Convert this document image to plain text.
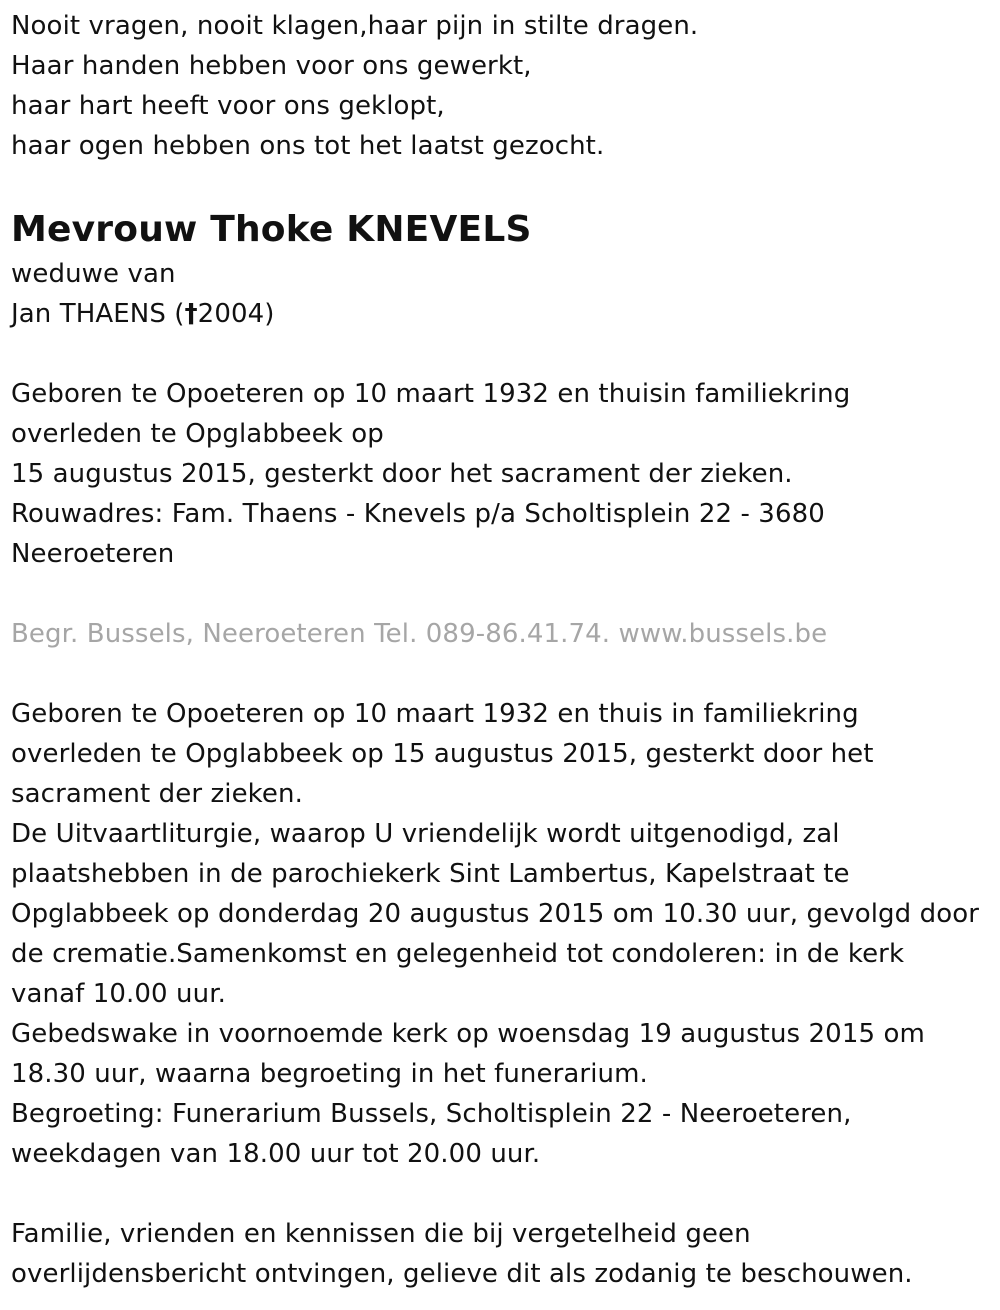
Nooit vragen, nooit klagen,haar pijn in stilte dragen.
Haar handen hebben voor ons gewerkt,
haar hart heeft voor ons geklopt,
haar ogen hebben ons tot het laatst gezocht.
Mevrouw Thoke KNEVELS
weduwe van
Jan THAENS (†2004)
Geboren te Opoeteren op 10 maart 1932 en thuisin familiekring
overleden te Opglabbeek op
15 augustus 2015, gesterkt door het sacrament der zieken.
Rouwadres: Fam. Thaens - Knevels p/a Scholtisplein 22 - 3680
Neeroeteren
Begr. Bussels, Neeroeteren Tel. 089-86.41.74. www.bussels.be
Geboren te Opoeteren op 10 maart 1932 en thuis in familiekring
overleden te Opglabbeek op 15 augustus 2015, gesterkt door het
sacrament der zieken.
De Uitvaartliturgie, waarop U vriendelijk wordt uitgenodigd, zal
plaatshebben in de parochiekerk Sint Lambertus, Kapelstraat te
Opglabbeek op donderdag 20 augustus 2015 om 10.30 uur, gevolgd door
de crematie.Samenkomst en gelegenheid tot condoleren: in de kerk
vanaf 10.00 uur.
Gebedswake in voornoemde kerk op woensdag 19 augustus 2015 om
18.30 uur, waarna begroeting in het funerarium.
Begroeting: Funerarium Bussels, Scholtisplein 22 - Neeroeteren,
weekdagen van 18.00 uur tot 20.00 uur.
Familie, vrienden en kennissen die bij vergetelheid geen
overlijdensbericht ontvingen, gelieve dit als zodanig te beschouwen.
